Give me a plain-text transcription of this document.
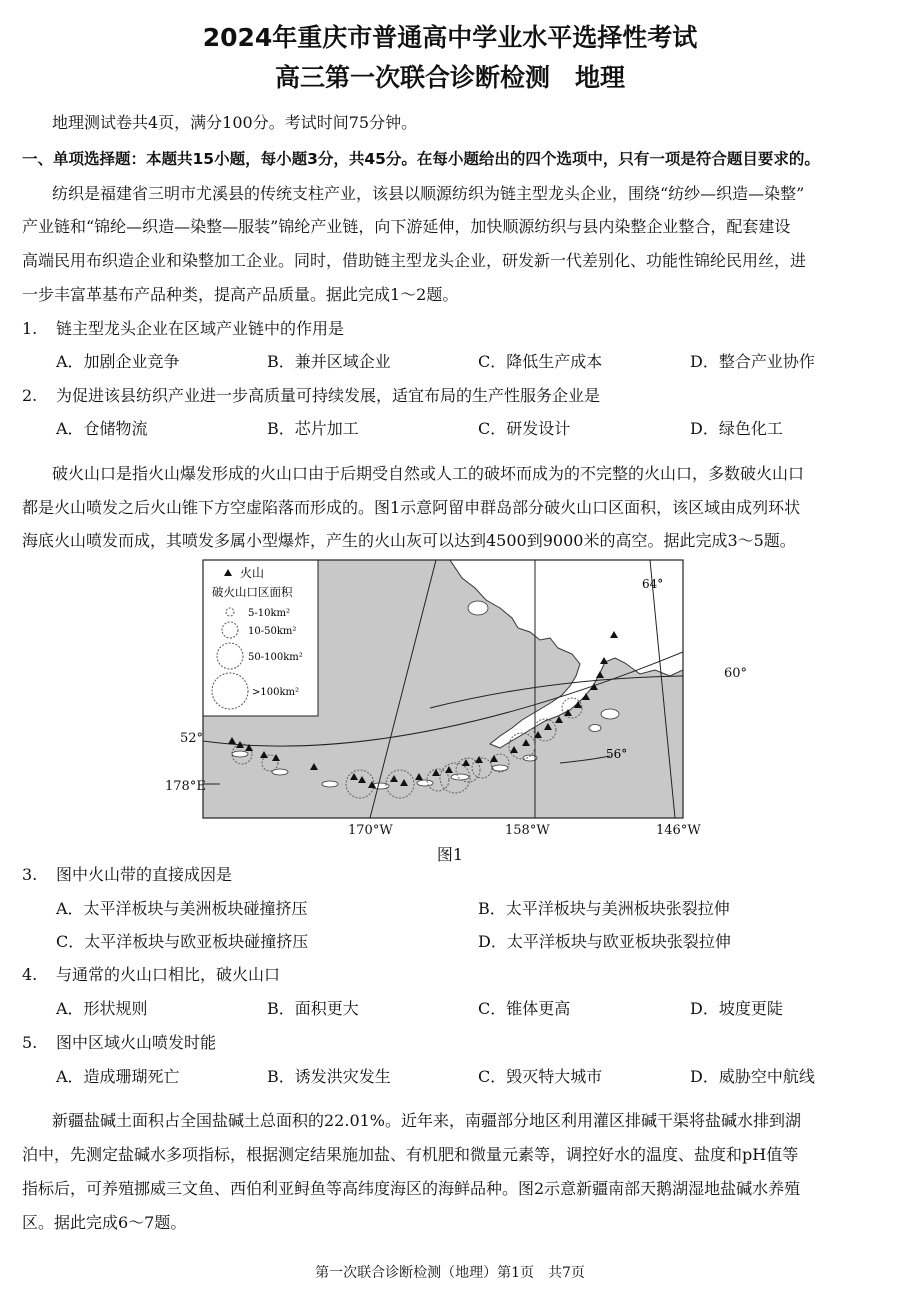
2024年重庆市普通高中学业水平选择性考试
高三第一次联合诊断检测　地理
地理测试卷共4页，满分100分。考试时间75分钟。
一、单项选择题：本题共15小题，每小题3分，共45分。在每小题给出的四个选项中，只有一项是符合题目要求的。
纺织是福建省三明市尤溪县的传统支柱产业，该县以顺源纺织为链主型龙头企业，围绕“纺纱—织造—染整”
产业链和“锦纶—织造—染整—服装”锦纶产业链，向下游延伸，加快顺源纺织与县内染整企业整合，配套建设
高端民用布织造企业和染整加工企业。同时，借助链主型龙头企业，研发新一代差别化、功能性锦纶民用丝，进
一步丰富革基布产品种类，提高产品质量。据此完成1～2题。
1. 链主型龙头企业在区域产业链中的作用是
A．加剧企业竞争	B．兼并区域企业	C．降低生产成本	D．整合产业协作
2. 为促进该县纺织产业进一步高质量可持续发展，适宜布局的生产性服务企业是
A．仓储物流	B．芯片加工	C．研发设计	D．绿色化工
破火山口是指火山爆发形成的火山口由于后期受自然或人工的破坏而成为的不完整的火山口，多数破火山口
都是火山喷发之后火山锥下方空虚陷落而形成的。图1示意阿留申群岛部分破火山口区面积，该区域由成列环状
海底火山喷发而成，其喷发多属小型爆炸，产生的火山灰可以达到4500到9000米的高空。据此完成3～5题。
火山
破火山口区面积
5-10km²
10-50km²
50-100km²
>100km²
64°
56°
60°
52°
178°E
170°W	158°W	146°W
图1
3. 图中火山带的直接成因是
A．太平洋板块与美洲板块碰撞挤压	B．太平洋板块与美洲板块张裂拉伸
C．太平洋板块与欧亚板块碰撞挤压	D．太平洋板块与欧亚板块张裂拉伸
4. 与通常的火山口相比，破火山口
A．形状规则	B．面积更大	C．锥体更高	D．坡度更陡
5. 图中区域火山喷发时能
A．造成珊瑚死亡	B．诱发洪灾发生	C．毁灭特大城市	D．威胁空中航线
新疆盐碱土面积占全国盐碱土总面积的22.01%。近年来，南疆部分地区利用灌区排碱干渠将盐碱水排到湖
泊中，先测定盐碱水多项指标，根据测定结果施加盐、有机肥和微量元素等，调控好水的温度、盐度和pH值等
指标后，可养殖挪威三文鱼、西伯利亚鲟鱼等高纬度海区的海鲜品种。图2示意新疆南部天鹅湖湿地盐碱水养殖
区。据此完成6～7题。
第一次联合诊断检测（地理）第1页　共7页
